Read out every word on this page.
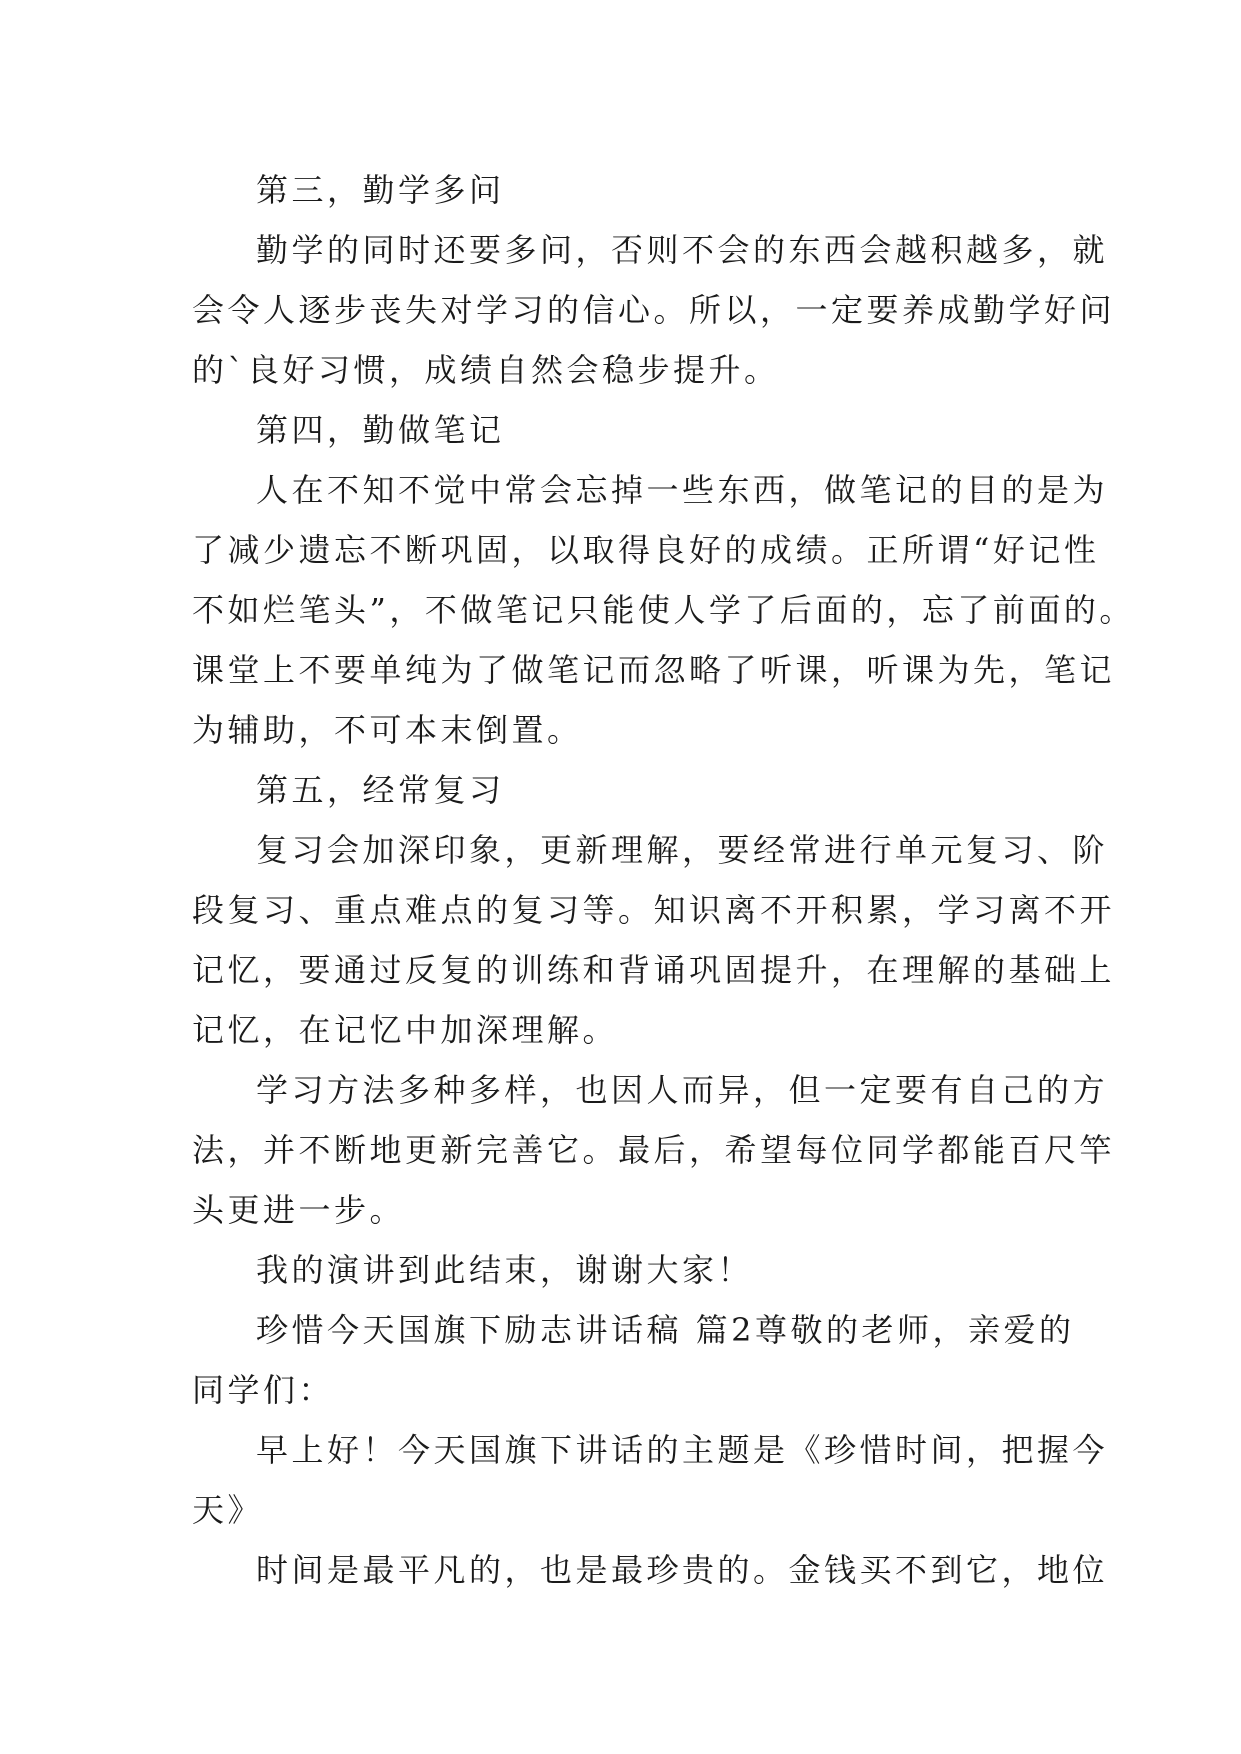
第三，勤学多问
勤学的同时还要多问，否则不会的东西会越积越多，就
会令人逐步丧失对学习的信心。所以，一定要养成勤学好问
的`良好习惯，成绩自然会稳步提升。
第四，勤做笔记
人在不知不觉中常会忘掉一些东西，做笔记的目的是为
了减少遗忘不断巩固，以取得良好的成绩。正所谓“好记性
不如烂笔头”，不做笔记只能使人学了后面的，忘了前面的。
课堂上不要单纯为了做笔记而忽略了听课，听课为先，笔记
为辅助，不可本末倒置。
第五，经常复习
复习会加深印象，更新理解，要经常进行单元复习、阶
段复习、重点难点的复习等。知识离不开积累，学习离不开
记忆，要通过反复的训练和背诵巩固提升，在理解的基础上
记忆，在记忆中加深理解。
学习方法多种多样，也因人而异，但一定要有自己的方
法，并不断地更新完善它。最后，希望每位同学都能百尺竿
头更进一步。
我的演讲到此结束，谢谢大家！
珍惜今天国旗下励志讲话稿 篇2尊敬的老师，亲爱的
同学们：
早上好！今天国旗下讲话的主题是《珍惜时间，把握今
天》
时间是最平凡的，也是最珍贵的。金钱买不到它，地位
